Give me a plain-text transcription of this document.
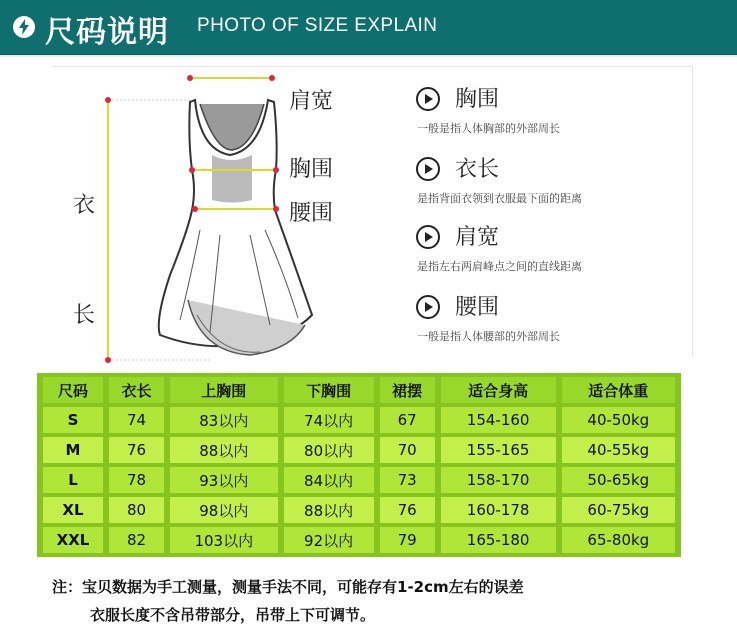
尺码说明 PHOTO OF SIZE EXPLAIN
肩宽
胸围
腰围
衣
长
胸围
一般是指人体胸部的外部周长
衣长
是指背面衣领到衣服最下面的距离
肩宽
是指左右两肩峰点之间的直线距离
腰围
一般是指人体腰部的外部周长
尺码	衣长	上胸围	下胸围	裙摆	适合身高	适合体重
S	74	83以内	74以内	67	154-160	40-50kg
M	76	88以内	80以内	70	155-165	40-55kg
L	78	93以内	84以内	73	158-170	50-65kg
XL	80	98以内	88以内	76	160-178	60-75kg
XXL	82	103以内	92以内	79	165-180	65-80kg
注：宝贝数据为手工测量，测量手法不同，可能存有1-2cm左右的误差
衣服长度不含吊带部分，吊带上下可调节。
